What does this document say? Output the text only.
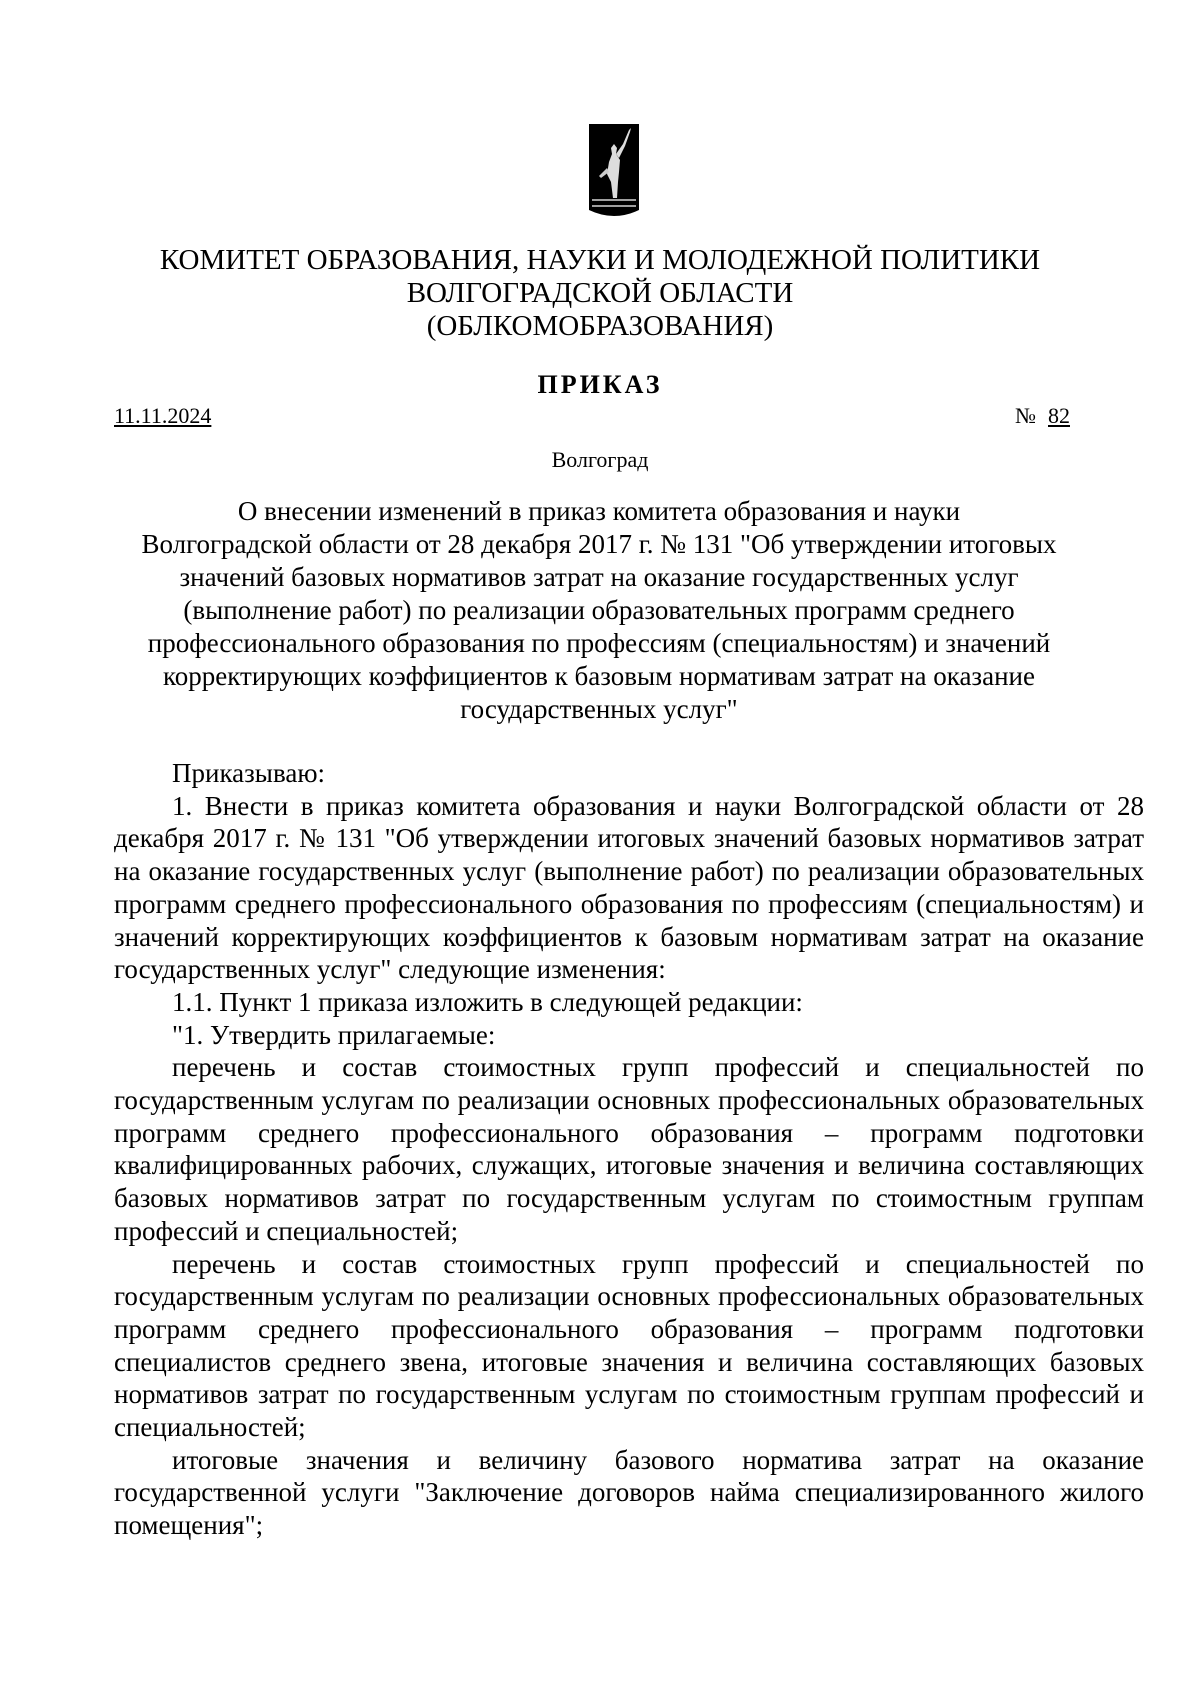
КОМИТЕТ ОБРАЗОВАНИЯ, НАУКИ И МОЛОДЕЖНОЙ ПОЛИТИКИ
ВОЛГОГРАДСКОЙ ОБЛАСТИ
(ОБЛКОМОБРАЗОВАНИЯ)
ПРИКАЗ
11.11.2024	№ 82
Волгоград
О внесении изменений в приказ комитета образования и науки
Волгоградской области от 28 декабря 2017 г. № 131 "Об утверждении итоговых
значений базовых нормативов затрат на оказание государственных услуг
(выполнение работ) по реализации образовательных программ среднего
профессионального образования по профессиям (специальностям) и значений
корректирующих коэффициентов к базовым нормативам затрат на оказание
государственных услуг"

Приказываю:

1. Внести в приказ комитета образования и науки Волгоградской области от 28 декабря 2017 г. № 131 "Об утверждении итоговых значений базовых нормативов затрат на оказание государственных услуг (выполнение работ) по реализации образовательных программ среднего профессионального образования по профессиям (специальностям) и значений корректирующих коэффициентов к базовым нормативам затрат на оказание государственных услуг" следующие изменения:

1.1. Пункт 1 приказа изложить в следующей редакции:

"1. Утвердить прилагаемые:

перечень и состав стоимостных групп профессий и специальностей по государственным услугам по реализации основных профессиональных образовательных программ среднего профессионального образования – программ подготовки квалифицированных рабочих, служащих, итоговые значения и величина составляющих базовых нормативов затрат по государственным услугам по стоимостным группам профессий и специальностей;

перечень и состав стоимостных групп профессий и специальностей по государственным услугам по реализации основных профессиональных образовательных программ среднего профессионального образования – программ подготовки специалистов среднего звена, итоговые значения и величина составляющих базовых нормативов затрат по государственным услугам по стоимостным группам профессий и специальностей;

итоговые значения и величину базового норматива затрат на оказание государственной услуги "Заключение договоров найма специализированного жилого помещения";
